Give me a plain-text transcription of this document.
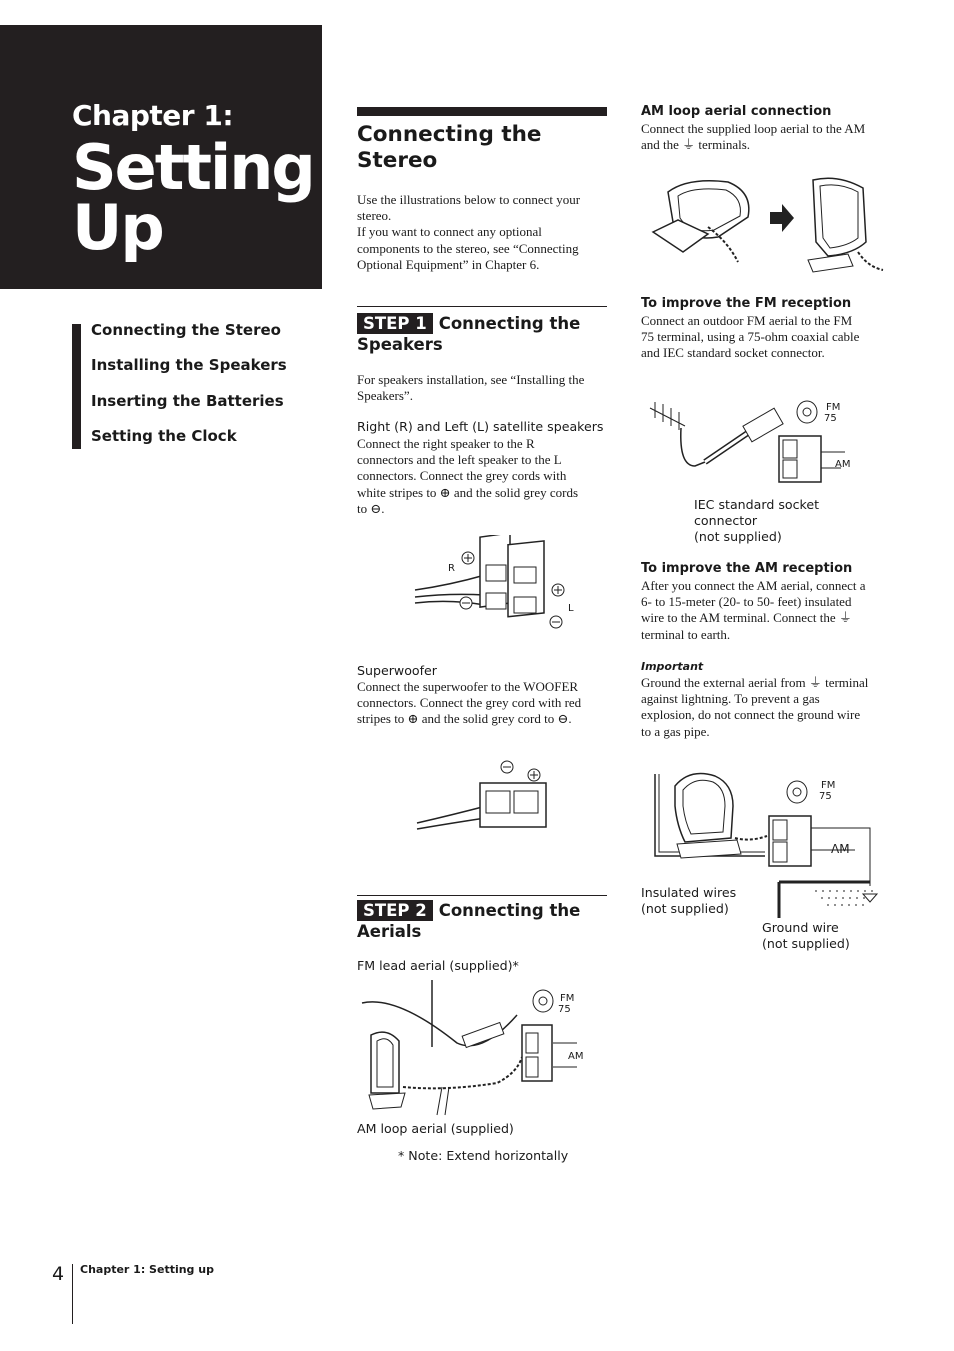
Chapter 1:
Setting
Up
Connecting the Stereo
Installing the Speakers
Inserting the Batteries
Setting the Clock
Connecting the
Stereo
Use the illustrations below to connect your
stereo.
If you want to connect any optional
components to the stereo, see “Connecting
Optional Equipment” in Chapter 6.
STEP 1 Connecting the
Speakers
For speakers installation, see “Installing the
Speakers”.
Right (R) and Left (L) satellite speakers
Connect the right speaker to the R
connectors and the left speaker to the L
connectors. Connect the grey cords with
white stripes to ⊕ and the solid grey cords
to ⊖.
R
L
Superwoofer
Connect the superwoofer to the WOOFER
connectors. Connect the grey cord with red
stripes to ⊕ and the solid grey cord to ⊖.
STEP 2 Connecting the
Aerials
FM lead aerial (supplied)*
FM
75
AM
AM loop aerial (supplied)
* Note: Extend horizontally
AM loop aerial connection
Connect the supplied loop aerial to the AM
and the ⏚ terminals.
To improve the FM reception
Connect an outdoor FM aerial to the FM
75 terminal, using a 75-ohm coaxial cable
and IEC standard socket connector.
FM
75
AM
IEC standard socket
connector
(not supplied)
To improve the AM reception
After you connect the AM aerial, connect a
6- to 15-meter (20- to 50- feet) insulated
wire to the AM terminal. Connect the ⏚
terminal to earth.
Important
Ground the external aerial from ⏚ terminal
against lightning. To prevent a gas
explosion, do not connect the ground wire
to a gas pipe.
FM
75
AM
Insulated wires
(not supplied)
Ground wire
(not supplied)
4 Chapter 1: Setting up
